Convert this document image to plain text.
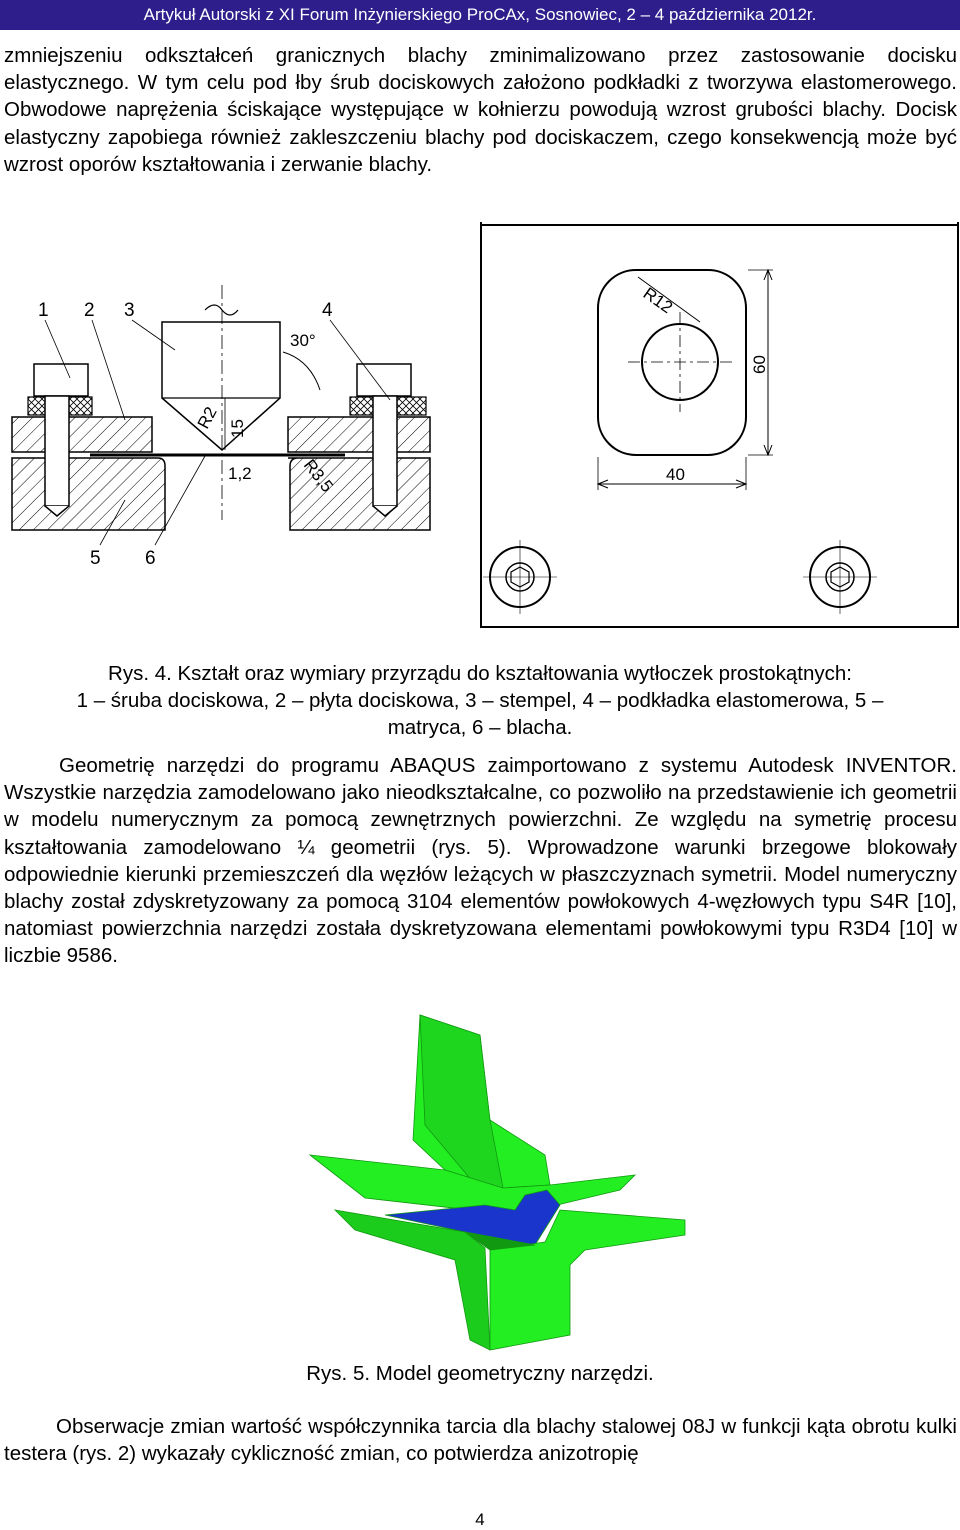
Artykuł Autorski z XI Forum Inżynierskiego ProCAx, Sosnowiec, 2 – 4 października 2012r.

zmniejszeniu odkształceń granicznych blachy zminimalizowano przez zastosowanie docisku elastycznego. W tym celu pod łby śrub dociskowych założono podkładki z tworzywa elastomerowego. Obwodowe naprężenia ściskające występujące w kołnierzu powodują wzrost grubości blachy. Docisk elastyczny zapobiega również zakleszczeniu blachy pod dociskaczem, czego konsekwencją może być wzrost oporów kształtowania i zerwanie blachy.

30°
R2 15
1,2	R3,5
1 2 3	4
5 6
R12
60
40

Rys. 4. Kształt oraz wymiary przyrządu do kształtowania wytłoczek prostokątnych:

1 – śruba dociskowa, 2 – płyta dociskowa, 3 – stempel, 4 – podkładka elastomerowa, 5 –

matryca, 6 – blacha.

Geometrię narzędzi do programu ABAQUS zaimportowano z systemu Autodesk INVENTOR. Wszystkie narzędzia zamodelowano jako nieodkształcalne, co pozwoliło na przedstawienie ich geometrii w modelu numerycznym za pomocą zewnętrznych powierzchni. Ze względu na symetrię procesu kształtowania zamodelowano ¼ geometrii (rys. 5). Wprowadzone warunki brzegowe blokowały odpowiednie kierunki przemieszczeń dla węzłów leżących w płaszczyznach symetrii. Model numeryczny blachy został zdyskretyzowany za pomocą 3104 elementów powłokowych 4-węzłowych typu S4R [10], natomiast powierzchnia narzędzi została dyskretyzowana elementami powłokowymi typu R3D4 [10] w liczbie 9586.

Rys. 5. Model geometryczny narzędzi.

Obserwacje zmian wartość współczynnika tarcia dla blachy stalowej 08J w funkcji kąta obrotu kulki testera (rys. 2) wykazały cykliczność zmian, co potwierdza anizotropię

4
